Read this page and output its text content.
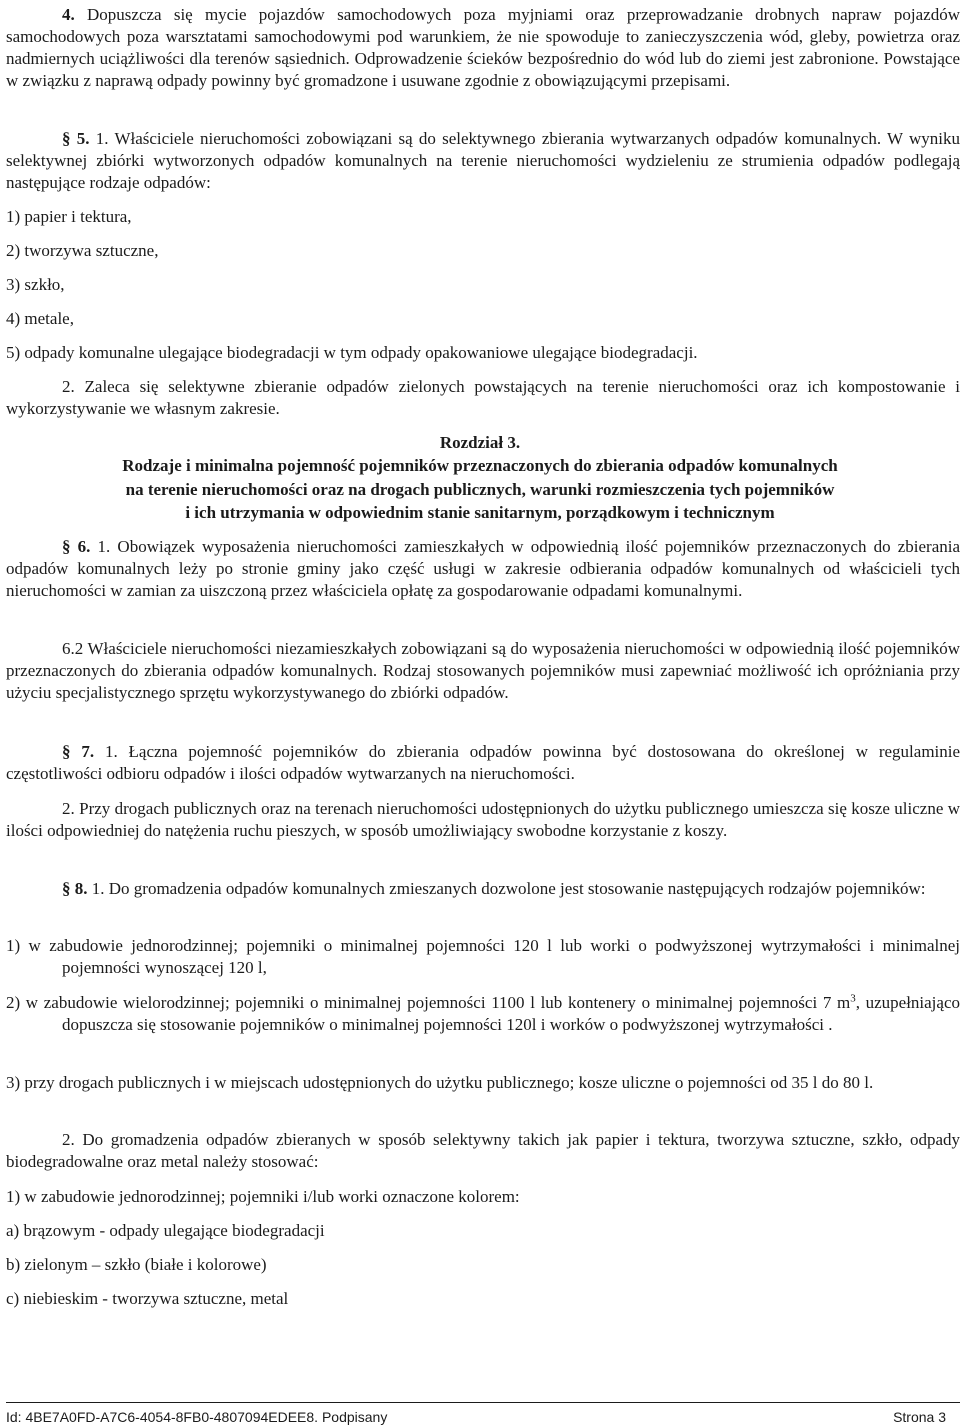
4. Dopuszcza się mycie pojazdów samochodowych poza myjniami oraz przeprowadzanie drobnych napraw pojazdów samochodowych poza warsztatami samochodowymi pod warunkiem, że nie spowoduje to zanieczyszczenia wód, gleby, powietrza oraz nadmiernych uciążliwości dla terenów sąsiednich. Odprowadzenie ścieków bezpośrednio do wód lub do ziemi jest zabronione. Powstające w związku z naprawą odpady powinny być gromadzone i usuwane zgodnie z obowiązującymi przepisami.

§ 5. 1. Właściciele nieruchomości zobowiązani są do selektywnego zbierania wytwarzanych odpadów komunalnych. W wyniku selektywnej zbiórki wytworzonych odpadów komunalnych na terenie nieruchomości wydzieleniu ze strumienia odpadów podlegają następujące rodzaje odpadów:

1) papier i tektura,

2) tworzywa sztuczne,

3) szkło,

4) metale,

5) odpady komunalne ulegające biodegradacji w tym odpady opakowaniowe ulegające biodegradacji.

2. Zaleca się selektywne zbieranie odpadów zielonych powstających na terenie nieruchomości oraz ich kompostowanie i wykorzystywanie we własnym zakresie.

Rozdział 3.

Rodzaje i minimalna pojemność pojemników przeznaczonych do zbierania odpadów komunalnych

na terenie nieruchomości oraz na drogach publicznych, warunki rozmieszczenia tych pojemników

i ich utrzymania w odpowiednim stanie sanitarnym, porządkowym i technicznym

§ 6. 1. Obowiązek wyposażenia nieruchomości zamieszkałych w odpowiednią ilość pojemników przeznaczonych do zbierania odpadów komunalnych leży po stronie gminy jako część usługi w zakresie odbierania odpadów komunalnych od właścicieli tych nieruchomości w zamian za uiszczoną przez właściciela opłatę za gospodarowanie odpadami komunalnymi.

6.2 Właściciele nieruchomości niezamieszkałych zobowiązani są do wyposażenia nieruchomości w odpowiednią ilość pojemników przeznaczonych do zbierania odpadów komunalnych. Rodzaj stosowanych pojemników musi zapewniać możliwość ich opróżniania przy użyciu specjalistycznego sprzętu wykorzystywanego do zbiórki odpadów.

§ 7. 1. Łączna pojemność pojemników do zbierania odpadów powinna być dostosowana do określonej w regulaminie częstotliwości odbioru odpadów i ilości odpadów wytwarzanych na nieruchomości.

2. Przy drogach publicznych oraz na terenach nieruchomości udostępnionych do użytku publicznego umieszcza się kosze uliczne w ilości odpowiedniej do natężenia ruchu pieszych, w sposób umożliwiający swobodne korzystanie z koszy.

§ 8. 1. Do gromadzenia odpadów komunalnych zmieszanych dozwolone jest stosowanie następujących rodzajów pojemników:

1) w zabudowie jednorodzinnej; pojemniki o minimalnej pojemności 120 l lub worki o podwyższonej wytrzymałości i minimalnej pojemności wynoszącej 120 l,

2) w zabudowie wielorodzinnej; pojemniki o minimalnej pojemności 1100 l lub kontenery o minimalnej pojemności 7 $m^3$, uzupełniająco dopuszcza się stosowanie pojemników o minimalnej pojemności 120l i worków o podwyższonej wytrzymałości .

3) przy drogach publicznych i w miejscach udostępnionych do użytku publicznego; kosze uliczne o pojemności od 35 l do 80 l.

2. Do gromadzenia odpadów zbieranych w sposób selektywny takich jak papier i tektura, tworzywa sztuczne, szkło, odpady biodegradowalne oraz metal należy stosować:

1) w zabudowie jednorodzinnej; pojemniki i/lub worki oznaczone kolorem:

a) brązowym - odpady ulegające biodegradacji

b) zielonym – szkło (białe i kolorowe)

c) niebieskim - tworzywa sztuczne, metal

Id: 4BE7A0FD-A7C6-4054-8FB0-4807094EDEE8. Podpisany	Strona 3
